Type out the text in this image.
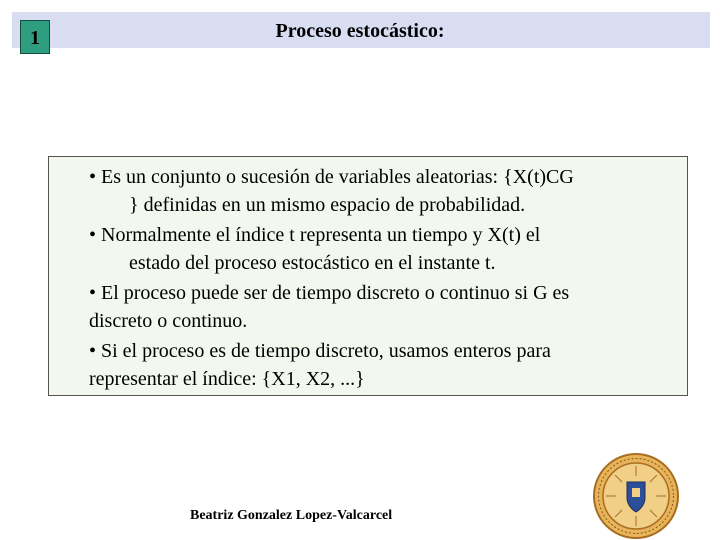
1	Proceso estocástico:
• Es un conjunto o sucesión de variables aleatorias: {X(t)CG
} definidas en un mismo espacio de probabilidad.
• Normalmente el índice t representa un tiempo y X(t) el
estado del proceso estocástico en el instante t.
• El proceso puede ser de tiempo discreto o continuo si G es
discreto o continuo.
• Si el proceso es de tiempo discreto, usamos enteros para
representar el índice: {X1, X2, ...}
Beatriz Gonzalez Lopez-Valcarcel
